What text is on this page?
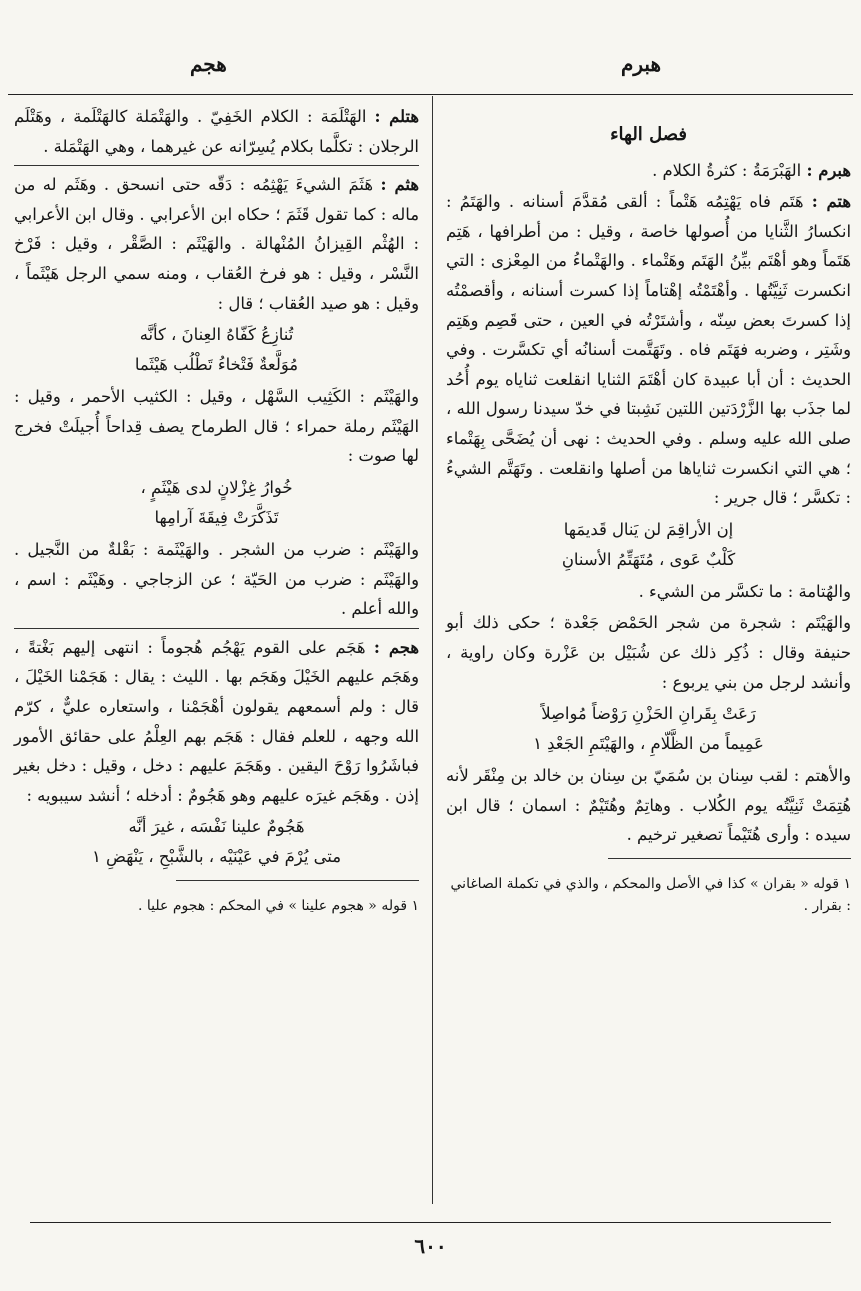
هبرم
هجم
فصل الهاء

هبرم : الهَبْرَمَةُ : كثرةُ الكلام .

هتم : هَتَم فاه يَهْتِمُه هَتْماً : ألقى مُقدَّمَ أسنانه . والهَتَمُ : انكسارُ الثَّنايا من أُصولها خاصة ، وقيل : من أطرافها ، هَتِم هَتَماً وهو أهْتَم بيِّنُ الهَتَم وهَتْماء . والهَتْماءُ من المِعْزى : التي انكسرت ثَنِيَّتُها . وأهْتَمْتُه إهْتاماً إذا كسرت أسنانه ، وأقصمْتُه إذا كسرتَ بعض سِنّه ، وأشتَرْتُه في العين ، حتى قَصِم وهَتِم وشَتِر ، وضربه فهَتَم فاه . وتَهَتَّمت أسنانُه أي تكسَّرت . وفي الحديث : أن أبا عبيدة كان أهْتَمَ الثنايا انقلعت ثناياه يوم أُحُد لما جذَب بها الزَّرْدَتين اللتين نَشِبتا في خدّ سيدنا رسول الله ، صلى الله عليه وسلم . وفي الحديث : نهى أن يُضَحَّى بِهَتْماء ؛ هي التي انكسرت ثناياها من أصلها وانقلعت . وتَهَتَّم الشيءُ : تكسَّر ؛ قال جرير :

إن الأراقِمَ لن يَنال قَديمَها
كَلْبٌ عَوى ، مُتَهَتِّمُ الأسنانِ

والهُتامة : ما تكسَّر من الشيء .

والهَيْتَم : شجرة من شجر الحَمْض جَعْدة ؛ حكى ذلك أبو حنيفة وقال : ذُكِر ذلك عن شُبَيْل بن عَزْرة وكان راوية ، وأنشد لرجل من بني يربوع :

رَعَتْ بِقَرانِ الحَزْنِ رَوْضاً مُواصِلاً
عَمِيماً من الظَّلّامِ ، والهَيْتَمِ الجَعْدِ ١

والأهتم : لقب سِنان بن سُمَيّ بن سِنان بن خالد بن مِنْقَر لأنه هُتِمَتْ ثَنِيَّتُه يوم الكُلاب . وهاتِمٌ وهُتَيْمٌ : اسمان ؛ قال ابن سيده : وأرى هُتَيْماً تصغير ترخيم .

١ قوله « بقران » كذا في الأصل والمحكم ، والذي في تكملة الصاغاني : بقرار .

هتلم : الهَتْلَمَة : الكلام الخَفِيّ . والهَتْمَلة كالهَتْلَمة ، وهَتْلَم الرجلان : تكلَّما بكلام يُسِرّانه عن غيرهما ، وهي الهَتْمَلة .

هثم : هَثَمَ الشيءَ يَهْثِمُه : دَقّه حتى انسحق . وهَثَم له من ماله : كما تقول قَثَمَ ؛ حكاه ابن الأعرابي . وقال ابن الأعرابي : الهُثْم القِيزانُ المُنْهالة . والهَيْثَم : الصَّقْر ، وقيل : فَرْخ النَّسْر ، وقيل : هو فرخ العُقاب ، ومنه سمي الرجل هَيْثَماً ، وقيل : هو صيد العُقاب ؛ قال :

تُنازِعُ كَفّاهُ العِنانَ ، كأنَّه
مُوَلَّعةٌ فَتْخاءُ تَطْلُب هَيْثَما

والهَيْثَم : الكَثِيب السَّهْل ، وقيل : الكثيب الأحمر ، وقيل : الهَيْثَم رملة حمراء ؛ قال الطرماح يصف قِداحاً أُجيلَتْ فخرج لها صوت :

خُوارُ غِزْلانٍ لدى هَيْثَمٍ ،
تَذَكَّرَتْ فِيقَةَ آرامِها

والهَيْثَم : ضرب من الشجر . والهَيْثَمة : بَقْلةٌ من النَّجيل . والهَيْثَم : ضرب من الحَيّة ؛ عن الزجاجي . وهَيْثَم : اسم ، والله أعلم .

هجم : هَجَم على القوم يَهْجُم هُجوماً : انتهى إليهم بَغْتةً ، وهَجَم عليهم الخَيْلَ وهَجَم بها . الليث : يقال : هَجَمْنا الخَيْلَ ، قال : ولم أسمعهم يقولون أهْجَمْنا ، واستعاره عليٌّ ، كرّم الله وجهه ، للعلم فقال : هَجَم بهم العِلْمُ على حقائق الأمور فباشَرُوا رَوْحَ اليقين . وهَجَمَ عليهم : دخل ، وقيل : دخل بغير إذن . وهَجَم غيرَه عليهم وهو هَجُومٌ : أدخله ؛ أنشد سيبويه :

هَجُومٌ علينا نَفْسَه ، غيرَ أنَّه
متى يُرْمَ في عَيْنَيْه ، بالشَّبْحِ ، يَنْهَضِ ١

١ قوله « هجوم علينا » في المحكم : هجوم عليا .

٦٠٠
